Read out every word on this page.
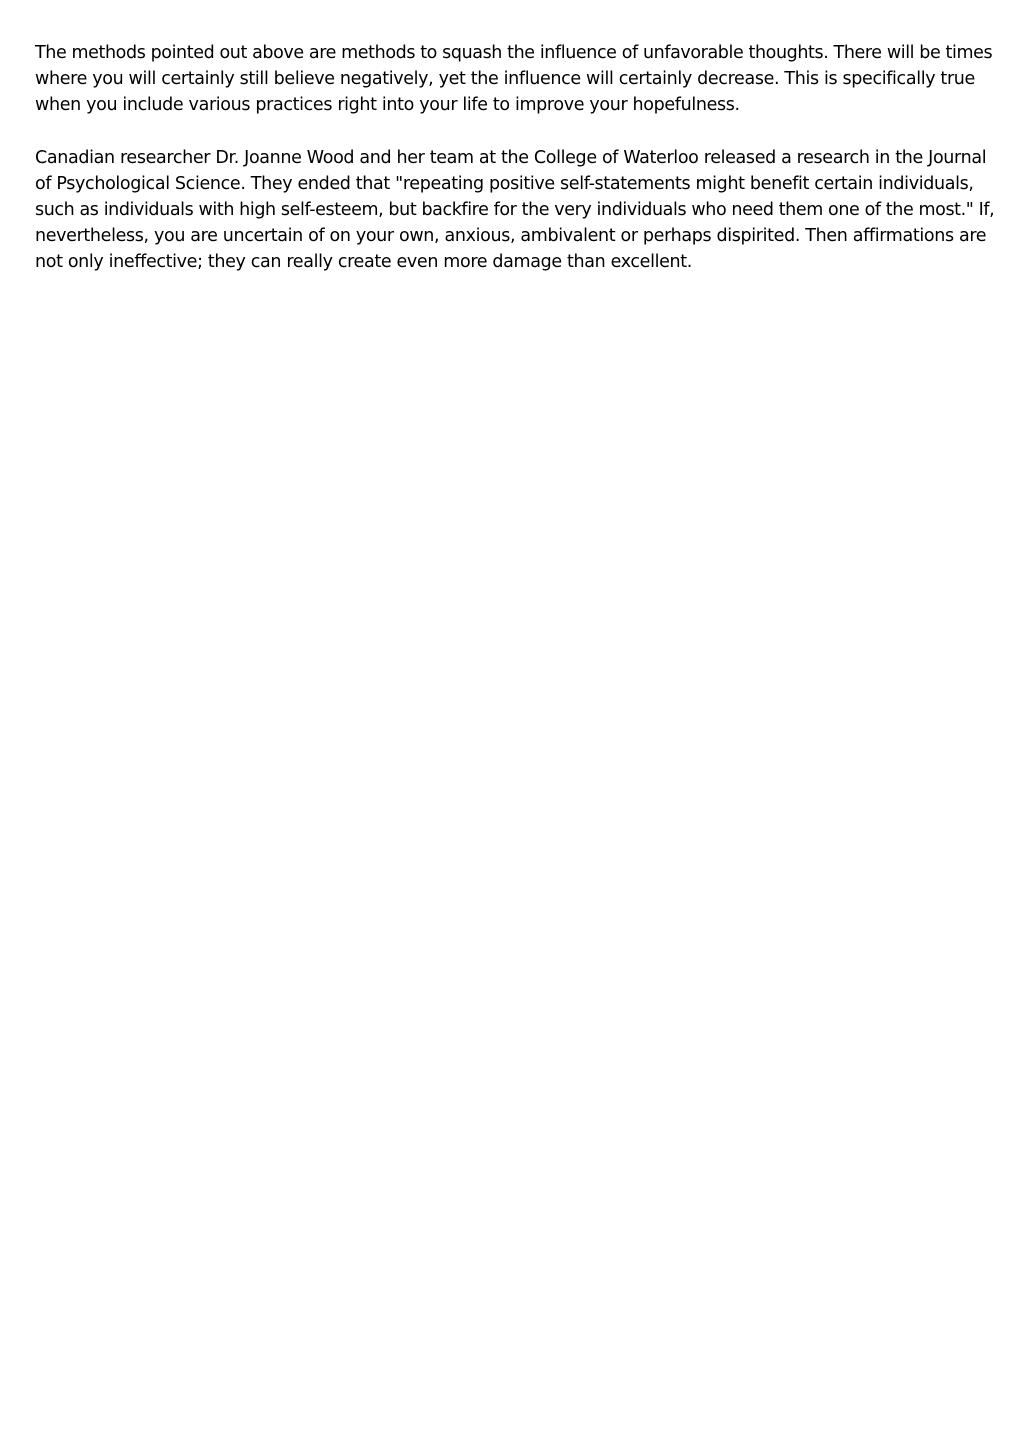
The methods pointed out above are methods to squash the influence of unfavorable thoughts. There will be times
where you will certainly still believe negatively, yet the influence will certainly decrease. This is specifically true
when you include various practices right into your life to improve your hopefulness.

Canadian researcher Dr. Joanne Wood and her team at the College of Waterloo released a research in the Journal
of Psychological Science. They ended that "repeating positive self-statements might benefit certain individuals,
such as individuals with high self-esteem, but backfire for the very individuals who need them one of the most." If,
nevertheless, you are uncertain of on your own, anxious, ambivalent or perhaps dispirited. Then affirmations are
not only ineffective; they can really create even more damage than excellent.
